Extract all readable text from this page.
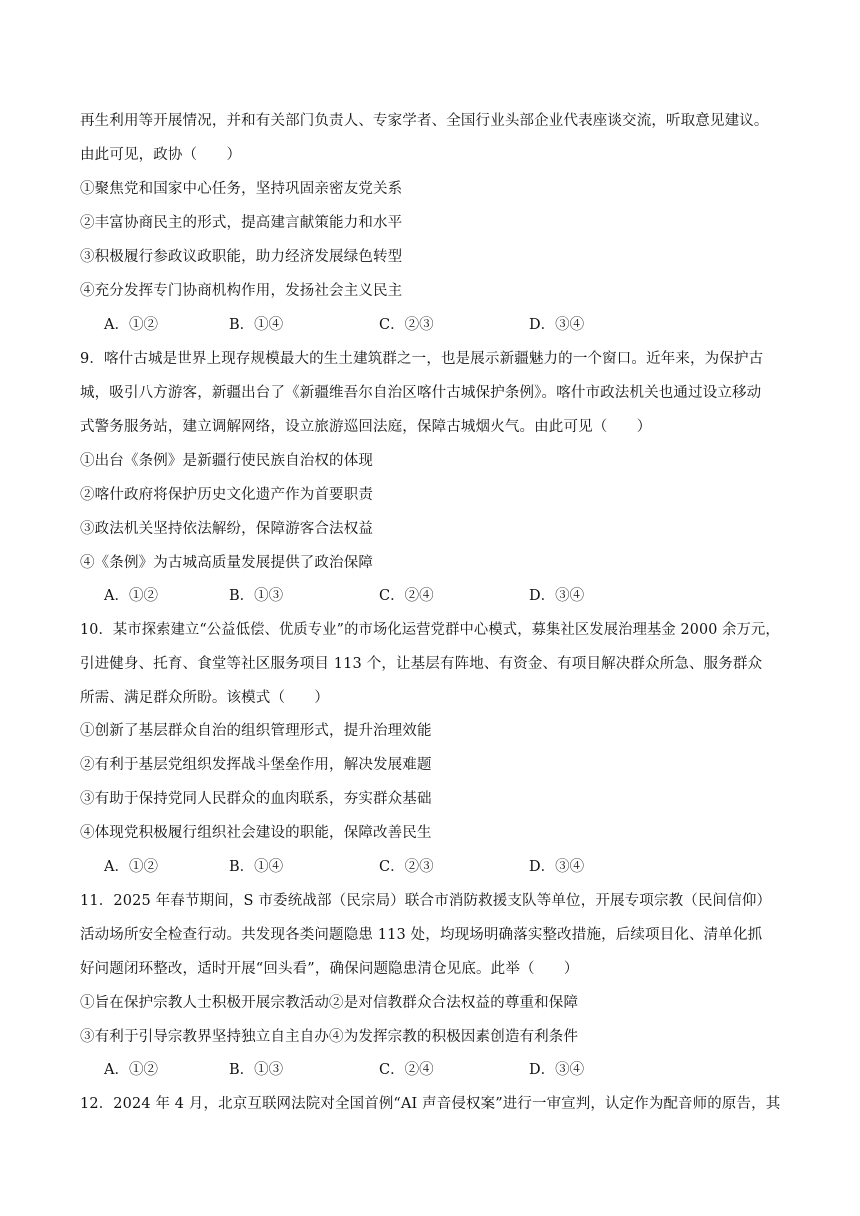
再生利用等开展情况，并和有关部门负责人、专家学者、全国行业头部企业代表座谈交流，听取意见建议。
由此可见，政协（　　）
①聚焦党和国家中心任务，坚持巩固亲密友党关系
②丰富协商民主的形式，提高建言献策能力和水平
③积极履行参政议政职能，助力经济发展绿色转型
④充分发挥专门协商机构作用，发扬社会主义民主
A．①②	B．①④	C．②③	D．③④
9．喀什古城是世界上现存规模最大的生土建筑群之一，也是展示新疆魅力的一个窗口。近年来，为保护古
城，吸引八方游客，新疆出台了《新疆维吾尔自治区喀什古城保护条例》。喀什市政法机关也通过设立移动
式警务服务站，建立调解网络，设立旅游巡回法庭，保障古城烟火气。由此可见（　　）
①出台《条例》是新疆行使民族自治权的体现
②喀什政府将保护历史文化遗产作为首要职责
③政法机关坚持依法解纷，保障游客合法权益
④《条例》为古城高质量发展提供了政治保障
A．①②	B．①③	C．②④	D．③④
10．某市探索建立“公益低偿、优质专业”的市场化运营党群中心模式，募集社区发展治理基金 2000 余万元，
引进健身、托育、食堂等社区服务项目 113 个，让基层有阵地、有资金、有项目解决群众所急、服务群众
所需、满足群众所盼。该模式（　　）
①创新了基层群众自治的组织管理形式，提升治理效能
②有利于基层党组织发挥战斗堡垒作用，解决发展难题
③有助于保持党同人民群众的血肉联系，夯实群众基础
④体现党积极履行组织社会建设的职能，保障改善民生
A．①②	B．①④	C．②③	D．③④
11．2025 年春节期间，S 市委统战部（民宗局）联合市消防救援支队等单位，开展专项宗教（民间信仰）
活动场所安全检查行动。共发现各类问题隐患 113 处，均现场明确落实整改措施，后续项目化、清单化抓
好问题闭环整改，适时开展“回头看”，确保问题隐患清仓见底。此举（　　）
①旨在保护宗教人士积极开展宗教活动②是对信教群众合法权益的尊重和保障
③有利于引导宗教界坚持独立自主自办④为发挥宗教的积极因素创造有利条件
A．①②	B．①③	C．②④	D．③④
12．2024 年 4 月，北京互联网法院对全国首例“AI 声音侵权案”进行一审宣判，认定作为配音师的原告，其
